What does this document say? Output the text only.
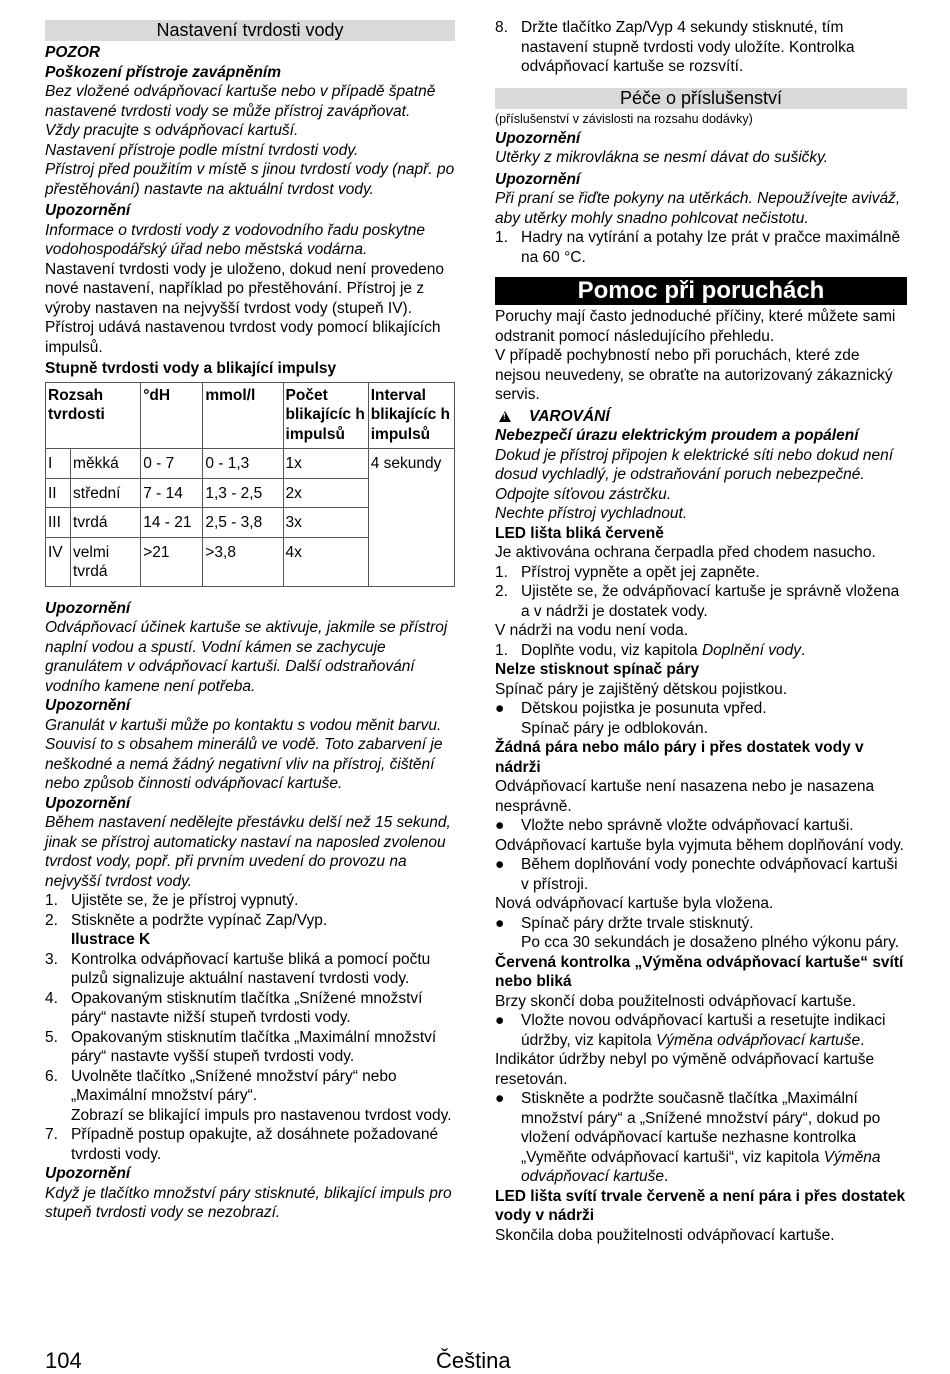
Nastavení tvrdosti vody

POZOR

Poškození přístroje zavápněním

Bez vložené odvápňovací kartuše nebo v případě špatně nastavené tvrdosti vody se může přístroj zavápňovat.

Vždy pracujte s odvápňovací kartuší.

Nastavení přístroje podle místní tvrdosti vody.

Přístroj před použitím v místě s jinou tvrdostí vody (např. po přestěhování) nastavte na aktuální tvrdost vody.

Upozornění

Informace o tvrdosti vody z vodovodního řadu poskytne vodohospodářský úřad nebo městská vodárna.

Nastavení tvrdosti vody je uloženo, dokud není provedeno nové nastavení, například po přestěhování. Přístroj je z výroby nastaven na nejvyšší tvrdost vody (stupeň IV). Přístroj udává nastavenou tvrdost vody pomocí blikajících impulsů.

Stupně tvrdosti vody a blikající impulsy

Rozsah tvrdosti		°dH	mmol/l	Počet blikajícíc h impulsů	Interval blikajícíc h impulsů
I	měkká	0 - 7	0 - 1,3	1x	4 sekundy
II	střední	7 - 14	1,3 - 2,5	2x	
III	tvrdá	14 - 21	2,5 - 3,8	3x	
IV	velmi tvrdá	>21	>3,8	4x	

Upozornění

Odvápňovací účinek kartuše se aktivuje, jakmile se přístroj naplní vodou a spustí. Vodní kámen se zachycuje granulátem v odvápňovací kartuši. Další odstraňování vodního kamene není potřeba.

Upozornění

Granulát v kartuši může po kontaktu s vodou měnit barvu. Souvisí to s obsahem minerálů ve vodě. Toto zabarvení je neškodné a nemá žádný negativní vliv na přístroj, čištění nebo způsob činnosti odvápňovací kartuše.

Upozornění

Během nastavení nedělejte přestávku delší než 15 sekund, jinak se přístroj automaticky nastaví na naposled zvolenou tvrdost vody, popř. při prvním uvedení do provozu na nejvyšší tvrdost vody.

1. Ujistěte se, že je přístroj vypnutý.
2. Stiskněte a podržte vypínač Zap/Vyp.
Ilustrace K
3. Kontrolka odvápňovací kartuše bliká a pomocí počtu pulzů signalizuje aktuální nastavení tvrdosti vody.
4. Opakovaným stisknutím tlačítka „Snížené množství páry“ nastavte nižší stupeň tvrdosti vody.
5. Opakovaným stisknutím tlačítka „Maximální množství páry“ nastavte vyšší stupeň tvrdosti vody.
6. Uvolněte tlačítko „Snížené množství páry“ nebo „Maximální množství páry“.
Zobrazí se blikající impuls pro nastavenou tvrdost vody.
7. Případně postup opakujte, až dosáhnete požadované tvrdosti vody.

Upozornění

Když je tlačítko množství páry stisknuté, blikající impuls pro stupeň tvrdosti vody se nezobrazí.

8. Držte tlačítko Zap/Vyp 4 sekundy stisknuté, tím nastavení stupně tvrdosti vody uložíte. Kontrolka odvápňovací kartuše se rozsvítí.
Péče o příslušenství

(příslušenství v závislosti na rozsahu dodávky)

Upozornění

Utěrky z mikrovlákna se nesmí dávat do sušičky.

Upozornění

Při praní se řiďte pokyny na utěrkách. Nepoužívejte aviváž, aby utěrky mohly snadno pohlcovat nečistotu.

1. Hadry na vytírání a potahy lze prát v pračce maximálně na 60 °C.
Pomoc při poruchách

Poruchy mají často jednoduché příčiny, které můžete sami odstranit pomocí následujícího přehledu.

V případě pochybností nebo při poruchách, které zde nejsou neuvedeny, se obraťte na autorizovaný zákaznický servis.

!
VAROVÁNÍ

Nebezpečí úrazu elektrickým proudem a popálení

Dokud je přístroj připojen k elektrické síti nebo dokud není dosud vychladlý, je odstraňování poruch nebezpečné.

Odpojte síťovou zástrčku.

Nechte přístroj vychladnout.

LED lišta bliká červeně

Je aktivována ochrana čerpadla před chodem nasucho.

1. Přístroj vypněte a opět jej zapněte.
2. Ujistěte se, že odvápňovací kartuše je správně vložena a v nádrži je dostatek vody.

V nádrži na vodu není voda.

1. Doplňte vodu, viz kapitola Doplnění vody.

Nelze stisknout spínač páry

Spínač páry je zajištěný dětskou pojistkou.

●	Dětskou pojistka je posunuta vpřed.
Spínač páry je odblokován.

Žádná pára nebo málo páry i přes dostatek vody v nádrži

Odvápňovací kartuše není nasazena nebo je nasazena nesprávně.

●	Vložte nebo správně vložte odvápňovací kartuši.

Odvápňovací kartuše byla vyjmuta během doplňování vody.

●	Během doplňování vody ponechte odvápňovací kartuši v přístroji.

Nová odvápňovací kartuše byla vložena.

●	Spínač páry držte trvale stisknutý.
Po cca 30 sekundách je dosaženo plného výkonu páry.

Červená kontrolka „Výměna odvápňovací kartuše“ svítí nebo bliká

Brzy skončí doba použitelnosti odvápňovací kartuše.

●	Vložte novou odvápňovací kartuši a resetujte indikaci údržby, viz kapitola Výměna odvápňovací kartuše.

Indikátor údržby nebyl po výměně odvápňovací kartuše resetován.

●	Stiskněte a podržte současně tlačítka „Maximální množství páry“ a „Snížené množství páry“, dokud po vložení odvápňovací kartuše nezhasne kontrolka „Vyměňte odvápňovací kartuši“, viz kapitola Výměna odvápňovací kartuše.

LED lišta svítí trvale červeně a není pára i přes dostatek vody v nádrži

Skončila doba použitelnosti odvápňovací kartuše.

104	Čeština
